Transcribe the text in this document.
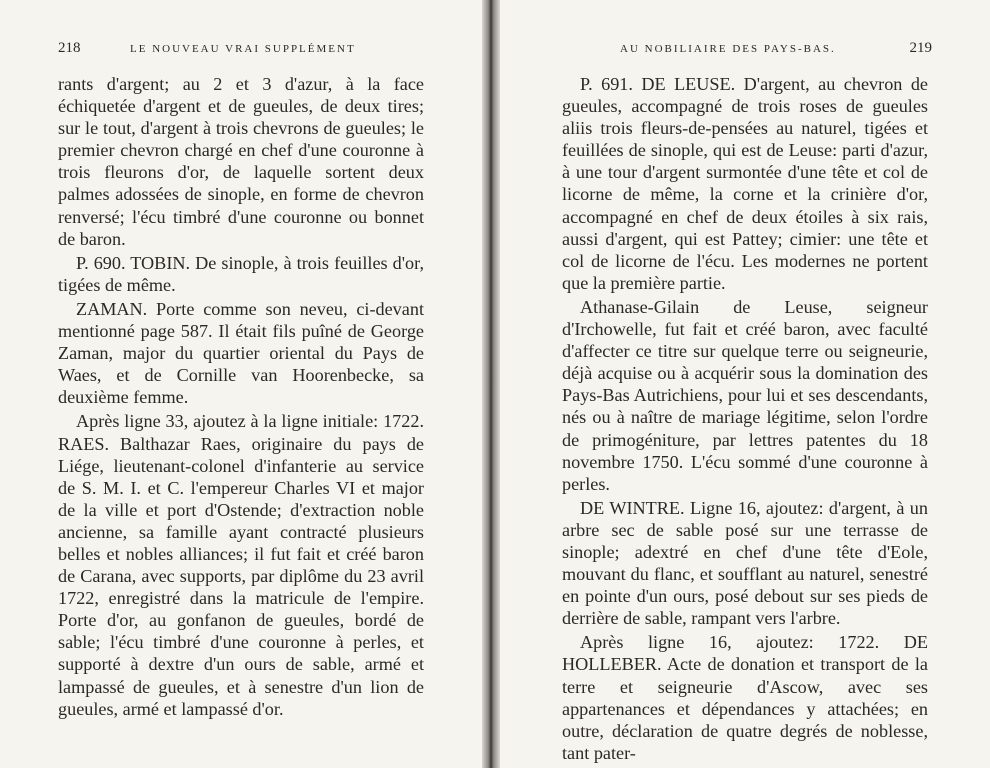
218	LE NOUVEAU VRAI SUPPLÉMENT

rants d'argent; au 2 et 3 d'azur, à la face échiquetée d'argent et de gueules, de deux tires; sur le tout, d'argent à trois chevrons de gueules; le premier chevron chargé en chef d'une couronne à trois fleurons d'or, de laquelle sortent deux palmes adossées de sinople, en forme de chevron renversé; l'écu timbré d'une couronne ou bonnet de baron.

P. 690. TOBIN. De sinople, à trois feuilles d'or, tigées de même.

ZAMAN. Porte comme son neveu, ci-devant mentionné page 587. Il était fils puîné de George Zaman, major du quartier oriental du Pays de Waes, et de Cornille van Hoorenbecke, sa deuxième femme.

Après ligne 33, ajoutez à la ligne initiale: 1722. RAES. Balthazar Raes, originaire du pays de Liége, lieutenant-colonel d'infanterie au service de S. M. I. et C. l'empereur Charles VI et major de la ville et port d'Ostende; d'extraction noble ancienne, sa famille ayant contracté plusieurs belles et nobles alliances; il fut fait et créé baron de Carana, avec supports, par diplôme du 23 avril 1722, enregistré dans la matricule de l'empire. Porte d'or, au gonfanon de gueules, bordé de sable; l'écu timbré d'une couronne à perles, et supporté à dextre d'un ours de sable, armé et lampassé de gueules, et à senestre d'un lion de gueules, armé et lampassé d'or.

AU NOBILIAIRE DES PAYS-BAS.	219

P. 691. DE LEUSE. D'argent, au chevron de gueules, accompagné de trois roses de gueules aliis trois fleurs-de-pensées au naturel, tigées et feuillées de sinople, qui est de Leuse: parti d'azur, à une tour d'argent surmontée d'une tête et col de licorne de même, la corne et la crinière d'or, accompagné en chef de deux étoiles à six rais, aussi d'argent, qui est Pattey; cimier: une tête et col de licorne de l'écu. Les modernes ne portent que la première partie.

Athanase-Gilain de Leuse, seigneur d'Irchowelle, fut fait et créé baron, avec faculté d'affecter ce titre sur quelque terre ou seigneurie, déjà acquise ou à acquérir sous la domination des Pays-Bas Autrichiens, pour lui et ses descendants, nés ou à naître de mariage légitime, selon l'ordre de primogéniture, par lettres patentes du 18 novembre 1750. L'écu sommé d'une couronne à perles.

DE WINTRE. Ligne 16, ajoutez: d'argent, à un arbre sec de sable posé sur une terrasse de sinople; adextré en chef d'une tête d'Eole, mouvant du flanc, et soufflant au naturel, senestré en pointe d'un ours, posé debout sur ses pieds de derrière de sable, rampant vers l'arbre.

Après ligne 16, ajoutez: 1722. DE HOLLEBER. Acte de donation et transport de la terre et seigneurie d'Ascow, avec ses appartenances et dépendances y attachées; en outre, déclaration de quatre degrés de noblesse, tant pater-
